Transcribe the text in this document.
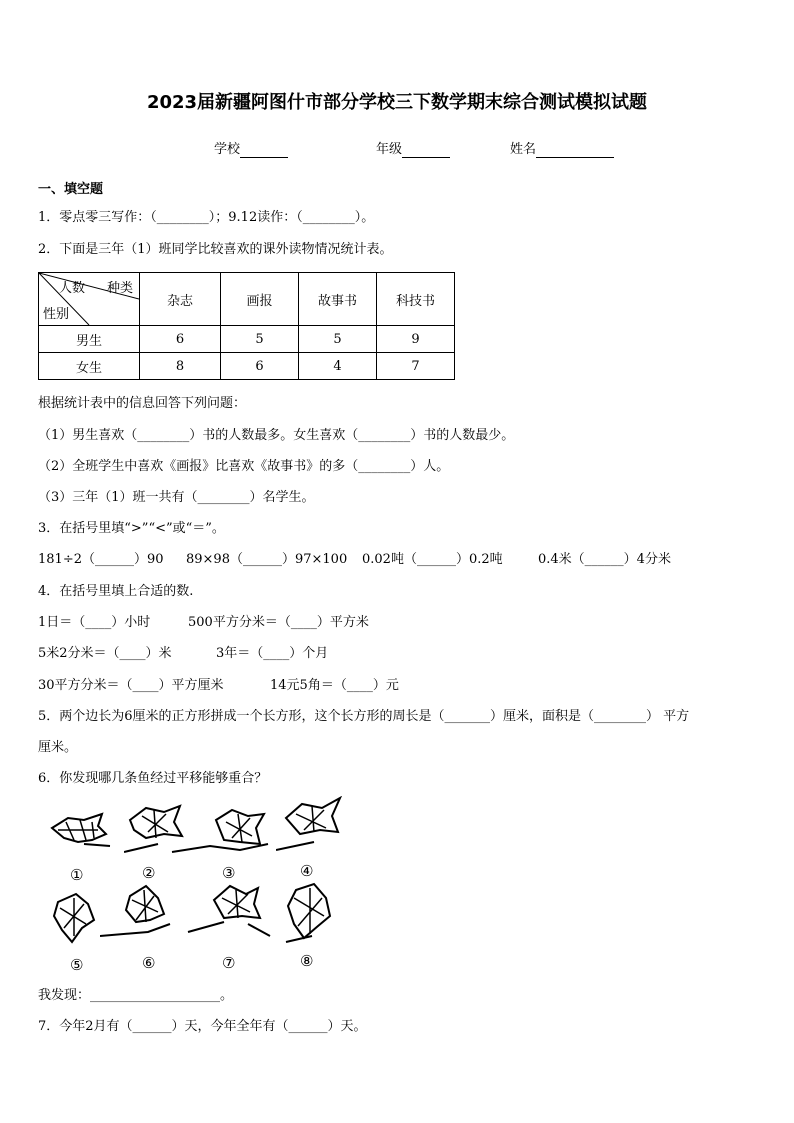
2023届新疆阿图什市部分学校三下数学期末综合测试模拟试题
学校	年级	姓名
一、填空题
1．零点零三写作：（________）；9.12读作：（________）。
2．下面是三年（1）班同学比较喜欢的课外读物情况统计表。
人数 种类
性别	杂志	画报	故事书	科技书
男生	6	5	5	9
女生	8	6	4	7
根据统计表中的信息回答下列问题：
（1）男生喜欢（________）书的人数最多。女生喜欢（________）书的人数最少。
（2）全班学生中喜欢《画报》比喜欢《故事书》的多（________）人。
（3）三年（1）班一共有（________）名学生。
3．在括号里填“>”“<”或“＝”。
181÷2（______）90 89×98（______）97×100 0.02吨（______）0.2吨	0.4米（______）4分米
4．在括号里填上合适的数.
1日＝（____）小时	500平方分米＝（____）平方米
5米2分米＝（____）米	3年＝（____）个月
30平方分米＝（____）平方厘米	14元5角＝（____）元
5．两个边长为6厘米的正方形拼成一个长方形，这个长方形的周长是（_______）厘米，面积是（________） 平方
厘米。
6．你发现哪几条鱼经过平移能够重合？
①	②	③	④
⑤	⑥	⑦	⑧
我发现：____________________。
7．今年2月有（______）天，今年全年有（______）天。
